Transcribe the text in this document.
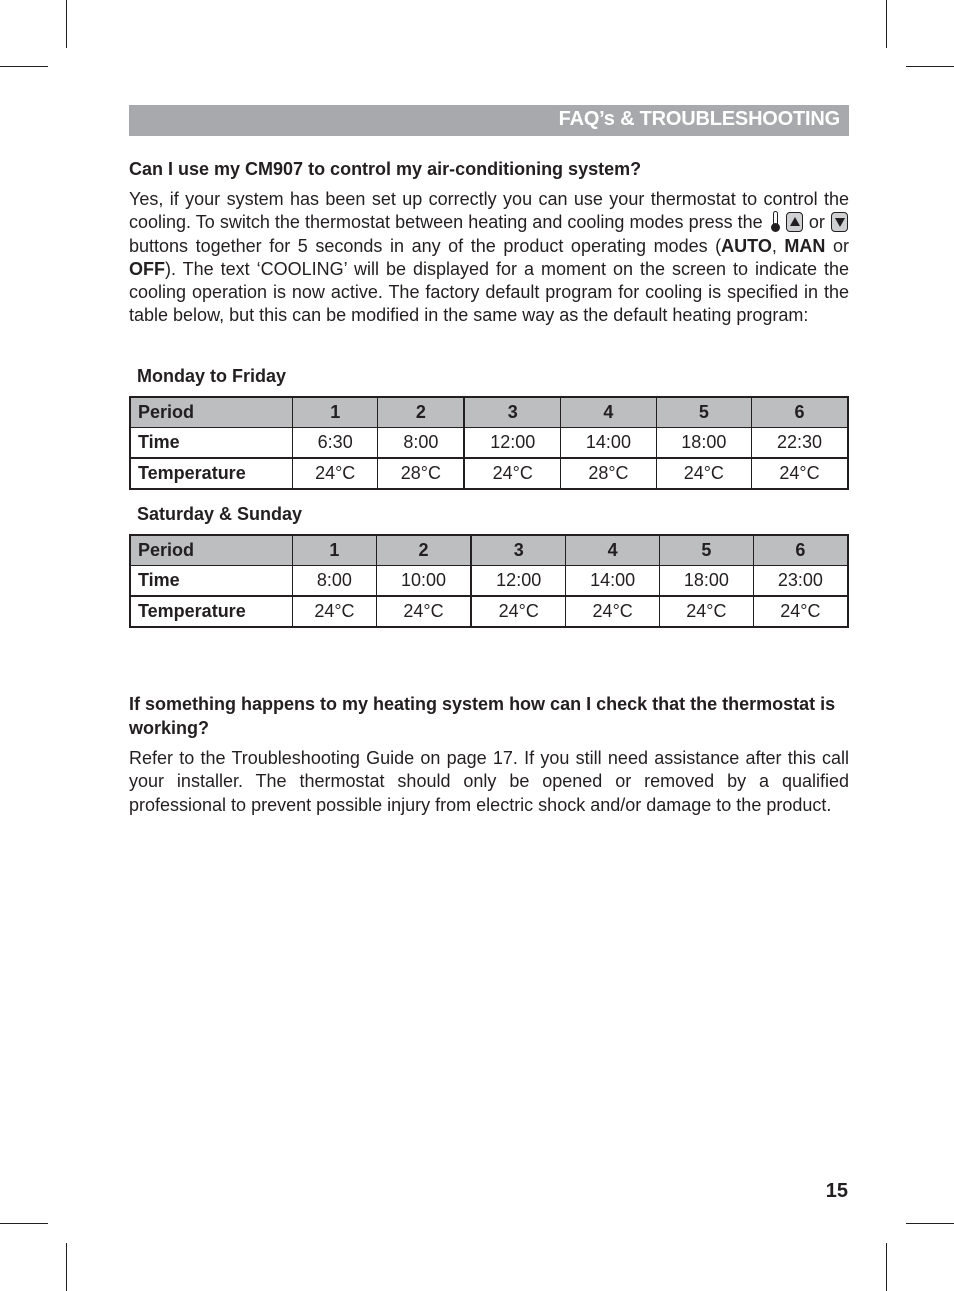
FAQ’s & TROUBLESHOOTING
Can I use my CM907 to control my air-conditioning system?

Yes, if your system has been set up correctly you can use your thermostat to control the cooling. To switch the thermostat between heating and cooling modes press the
	or
buttons together for 5 seconds in any of the product operating modes (AUTO, MAN or OFF). The text ‘COOLING’ will be displayed for a moment on the screen to indicate the cooling operation is now active. The factory default program for cooling is specified in the table below, but this can be modified in the same way as the default heating program:

Monday to Friday
Period	1	2	3	4	5	6
Time	6:30	8:00	12:00	14:00	18:00	22:30
Temperature	24°C	28°C	24°C	28°C	24°C	24°C
Saturday & Sunday
Period	1	2	3	4	5	6
Time	8:00	10:00	12:00	14:00	18:00	23:00
Temperature	24°C	24°C	24°C	24°C	24°C	24°C
If something happens to my heating system how can I check that the thermostat is working?

Refer to the Troubleshooting Guide on page 17. If you still need assistance after this call your installer. The thermostat should only be opened or removed by a qualified professional to prevent possible injury from electric shock and/or damage to the product.

15
